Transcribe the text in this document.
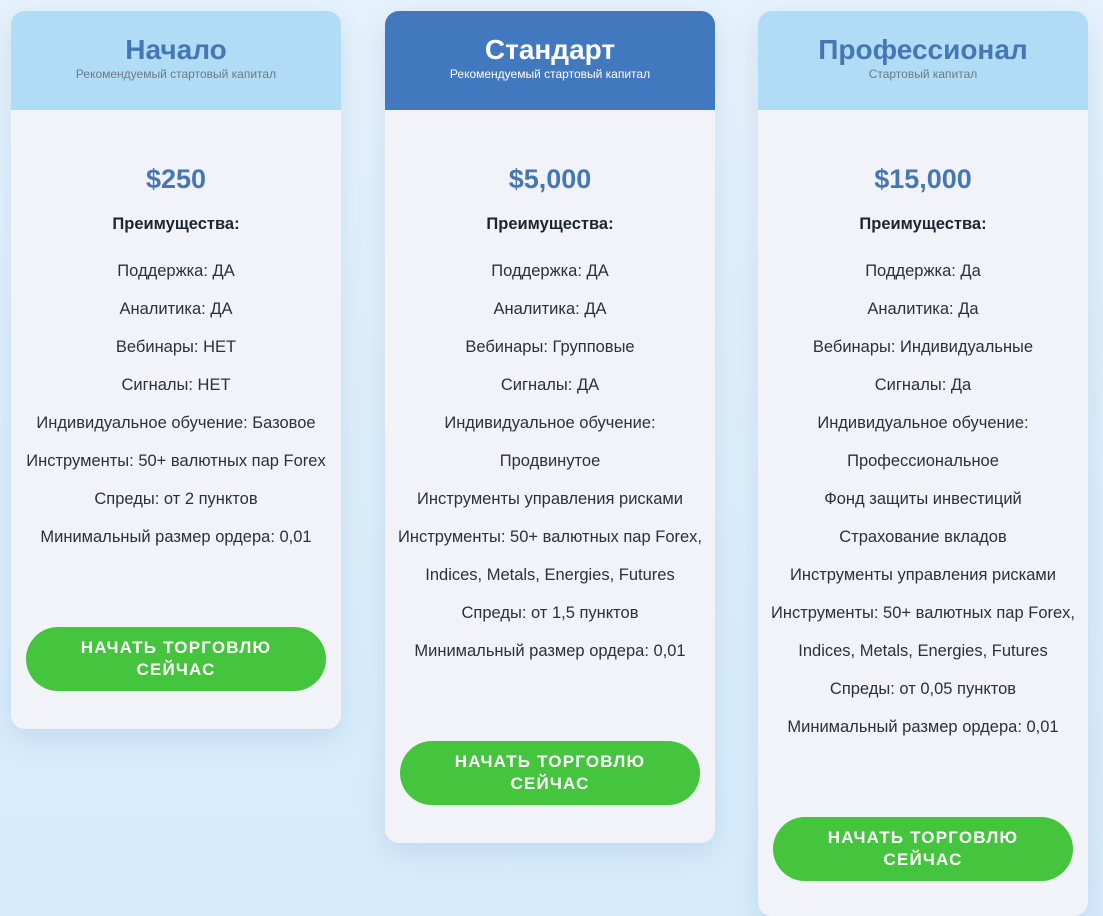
Начало
Рекомендуемый стартовый капитал
$250
Преимущества:
Поддержка: ДА
Аналитика: ДА
Вебинары: НЕТ
Сигналы: НЕТ
Индивидуальное обучение: Базовое
Инструменты: 50+ валютных пар Forex
Спреды: от 2 пунктов
Минимальный размер ордера: 0,01
НАЧАТЬ ТОРГОВЛЮ СЕЙЧАС
Стандарт
Рекомендуемый стартовый капитал
$5,000
Преимущества:
Поддержка: ДА
Аналитика: ДА
Вебинары: Групповые
Сигналы: ДА
Индивидуальное обучение:
Продвинутое
Инструменты управления рисками
Инструменты: 50+ валютных пар Forex,
Indices, Metals, Energies, Futures
Спреды: от 1,5 пунктов
Минимальный размер ордера: 0,01
НАЧАТЬ ТОРГОВЛЮ СЕЙЧАС
Профессионал
Стартовый капитал
$15,000
Преимущества:
Поддержка: Да
Аналитика: Да
Вебинары: Индивидуальные
Сигналы: Да
Индивидуальное обучение:
Профессиональное
Фонд защиты инвестиций
Страхование вкладов
Инструменты управления рисками
Инструменты: 50+ валютных пар Forex,
Indices, Metals, Energies, Futures
Спреды: от 0,05 пунктов
Минимальный размер ордера: 0,01
НАЧАТЬ ТОРГОВЛЮ СЕЙЧАС
